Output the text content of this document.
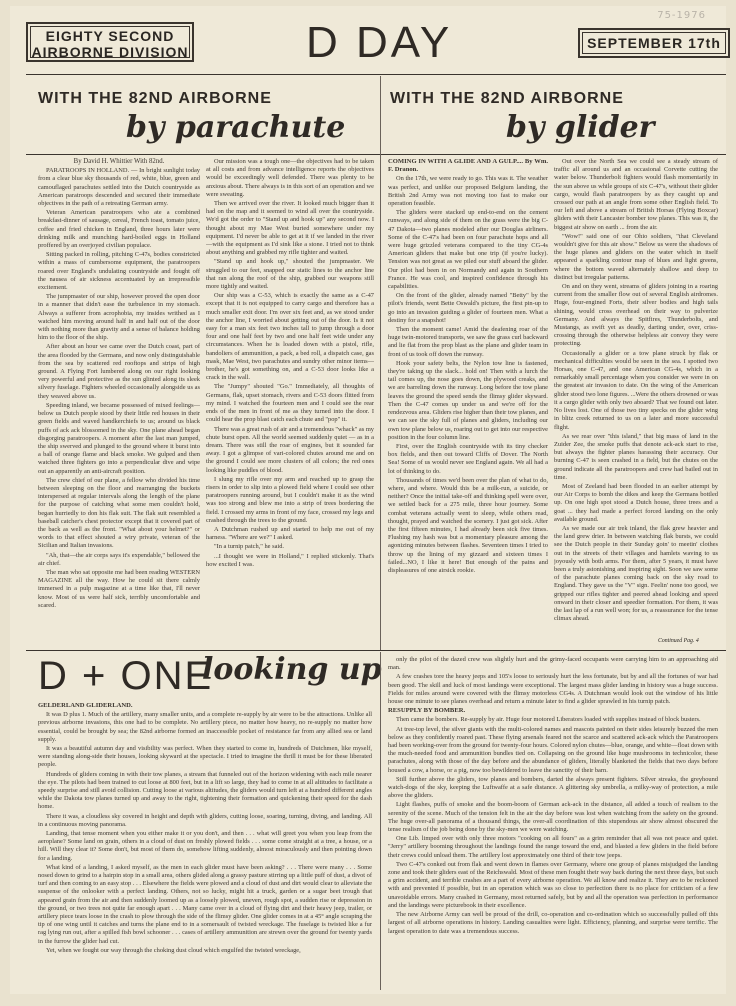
75-1976
EIGHTY SECOND
AIRBORNE DIVISION	D DAY	SEPTEMBER 17th
WITH THE 82ND AIRBORNE
by parachute
WITH THE 82ND AIRBORNE
by glider

By David H. Whittier With 82nd.

PARATROOPS IN HOLLAND. — In bright sunlight today from a clear blue sky thousands of red, white, blue, green and camouflaged parachutes settled into the Dutch countryside as American paratroops descended and secured their immediate objectives in the path of a retreating German army.

Veteran American paratroopers who ate a combined breakfast-dinner of sausage, cereal, French toast, tomato juice, coffee and fried chicken in England, three hours later were drinking milk and munching hard-boiled eggs in Holland proffered by an overjoyed civilian populace.

Sitting packed in rolling, pitching C-47s, bodies constricted within a mass of cumbersome equipment, the paratroopers roared over England's undulating countryside and fought off the nausea of air sickness accentuated by an irrepressible excitement.

The jumpmaster of our ship, however proved the open door in a manner that didn't ease the turbulence in my stomach. Always a sufferer from acrophobia, my insides writhed as I watched him moving around half in and half out of the door with nothing more than gravity and a sense of balance holding him to the floor of the ship.

After about an hour we came over the Dutch coast, part of the area flooded by the Germans, and now only distinguishable from the sea by scattered red rooftops and strips of high ground. A Flying Fort lumbered along on our right looking very powerful and protective as the sun glinted along its sleek silvery fuselage. Fighters wheeled occasionally alongside us as they weaved above us.

Speeding inland, we became possessed of mixed feelings—below us Dutch people stood by their little red houses in their green fields and waved handkerchiefs to us; around us black puffs of ack ack blossomed in the sky. One plane ahead began disgorging paratroopers. A moment after the last man jumped, the ship swerved and plunged to the ground where it burst into a ball of orange flame and black smoke. We gulped and then watched three fighters go into a perpendicular dive and wipe out an apparently an anti-aircraft position.

The crew chief of our plane, a fellow who divided his time between sleeping on the floor and rearranging the buckets interspersed at regular intervals along the length of the plane for the purpose of catching what some men couldn't hold, began hurriedly to don his flak suit. The flak suit resembled a baseball catcher's chest protector except that it covered part of the back as well as the front. "What about your helmet?" or words to that effect shouted a wiry private, veteran of the Sicilian and Italian invasions.

"Ah, that—the air corps says it's expendable," bellowed the air chief.

The man who sat opposite me had been reading WESTERN MAGAZINE all the way. How he could sit there calmly immersed in a pulp magazine at a time like that, I'll never know. Most of us were half sick, terribly uncomfortable and scared.

Our mission was a tough one—the objectives had to be taken at all costs and from advance intelligence reports the objectives would be exceedingly well defended. There was plenty to be anxious about. There always is in this sort of an operation and we were sweating.

Then we arrived over the river. It looked much bigger than it had on the map and it seemed to wind all over the countryside. We'd got the order to "Stand up and hook up" any second now. I thought about my Mae West buried somewhere under my equipment. I'd never be able to get at it if we landed in the river—with the equipment as I'd sink like a stone. I tried not to think about anything and grabbed my rifle tighter and waited.

"Stand up and hook up," shouted the jumpmaster. We struggled to our feet, snapped our static lines to the anchor line that ran along the roof of the ship, grabbed our weapons still more tightly and waited.

Our ship was a C-53, which is exactly the same as a C-47 except that it is not equipped to carry cargo and therefore has a much smaller exit door. I'm over six feet and, as we stood under the anchor line, I worried about getting out of the door. Is it not easy for a man six feet two inches tall to jump through a door four and one half feet by two and one half feet wide under any circumstances. When he is loaded down with a pistol, rifle, bandoliers of ammunition, a pack, a bed roll, a dispatch case, gas mask, Mae West, two parachutes and sundry other minor items—brother, he's got something on, and a C-53 door looks like a crack in the wall.

The "Jumpy" shouted "Go." Immediately, all thoughts of Germans, flak, upset stomach, rivers and C-53 doors flitted from my mind. I watched the fourteen men and I could see the rear ends of the men in front of me as they turned into the door. I could hear the prop blast catch each chute and "pop" it.

There was a great rush of air and a tremendous "whack" as my chute burst open. All the world seemed suddenly quiet — as in a dream. There was still the roar of engines, but it sounded far away. I got a glimpse of vari-colored chutes around me and on the ground I could see more clusters of all colors; the red ones looking like puddles of blood.

I slung my rifle over my arm and reached up to grasp the risers in order to slip into a plowed field where I could see other paratroopers running around, but I couldn't make it as the wind was too strong and blew me into a strip of trees bordering the field. I crossed my arms in front of my face, crossed my legs and crashed through the trees to the ground.

A Dutchman rushed up and started to help me out of my harness. "Where are we?" I asked.

"In a turnip patch," he said.

...I thought we were in Holland," I replied stickenly. That's how excited I was.

COMING IN WITH A GLIDE AND A GULP.... By Wm. F. Dranon.

On the 17th, we were ready to go. This was it. The weather was perfect, and unlike our proposed Belgium landing, the British 2nd Army was not moving too fast to make our operation feasible.

The gliders were stacked up end-to-end on the cement runways, and along side of them on the grass were the big C-47 Dakota—two planes modeled after our Douglas airliners. Some of the C-47's had been on four parachute hops and all were huge grizzled veterans compared to the tiny CG-4s American gliders that make but one trip (if you're lucky). Tension was not great as we piled our stuff aboard the glider. Our pilot had been in on Normandy and again in Southern France. He was cool, and inspired confidence through his capabilities.

On the front of the glider, already named "Betty" by the pilot's friends, went Bette Oswald's picture, the first pin-up to go into an invasion guiding a glider of fourteen men. What a destiny for a snapshot!

Then the moment came! Amid the deafening roar of the huge twin-motored transports, we saw the grass curl backward and lie flat from the prop blast as the plane and glider team in front of us took off down the runway.

Hook your safety belts, the Nylon tow line is fastened, they're taking up the slack... hold on! Then with a lurch the tail comes up, the nose goes down, the plywood creaks, and we are barreling down the runway. Long before the tow plane leaves the ground the speed sends the flimsy glider skyward. Then the C-47 comes up under us and we're off for the rendezvous area. Gliders rise higher than their tow planes, and we can see the sky full of planes and gliders, including our own tow plane below us, roaring out to get into our respective position in the four column line.

First, over the English countryside with its tiny checker box fields, and then out toward Cliffs of Dover. The North Sea! Some of us would never see England again. We all had a lot of thinking to do.

Thousands of times we'd been over the plan of what to do, where, and where. Would this be a milk-run, a suicide, or neither? Once the initial take-off and thinking spell were over, we settled back for a 275 mile, three hour journey. Some combat veterans actually went to sleep, while others read, thought, prayed and watched the scenery. I just got sick. After the first fifteen minutes, I had already been sick five times. Flushing my hash was but a momentary pleasure among the agonizing minutes between flashes. Seventeen times I tried to throw up the lining of my gizzard and sixteen times I failed...NO, I like it here! But enough of the pains and displeasures of one airsick rookie.

Out over the North Sea we could see a steady stream of traffic all around us and an occasional Corvette cutting the water below. Thunderbolt fighters would flash momentarily in the sun above us while groups of six C-47's, without their glider cargo, would flash paratroopers by as they caught up and crossed our path at an angle from some other English field. To our left and above a stream of British Horsas (Flying Boxcar) gliders with their Lancaster bomber tow planes. This was it, the biggest air show on earth ... from the air.

"Wow!" said one of our Ohio soldiers, "that Cleveland wouldn't give for this air show." Below us were the shadows of the huge planes and gliders on the water which in itself appeared a sparkling contour map of blues and light greens, where the bottom waved alternately shallow and deep to distinct but irregular patterns.

On and on they went, streams of gliders joining in a roaring current from the smaller flow out of several English airdromes. Huge, four-engined Forts, their silver bodies and high tails shining, would cross overhead on their way to pulverize Germany. And always the Spitfires, Thunderbolts, and Mustangs, as swift yet as deadly, darting under, over, criss-crossing through the otherwise helpless air convoy they were protecting.

Occasionally a glider or a tow plane struck by flak or mechanical difficulties would be seen in the sea. I spotted two Horsas, one C-47, and one American CG-4s, which in a remarkably small percentage when you consider we were in on the greatest air invasion to date. On the wing of the American glider stood two lone figures. ...Were the others drowned or was it a cargo glider with only two aboard? That we found out later. No lives lost. One of those two tiny specks on the glider wing in blitz creek returned to us on a later and more successful flight.

As we rear over "this island," that big mass of land in the Zuider Zee, the smoke puffs that denote ack-ack start to rise, but always the fighter planes harassing their accuracy. Our burning C-47 is seen crashed in a field, but the chutes on the ground indicate all the paratroopers and crew had bailed out in time.

Most of Zeeland had been flooded in an earlier attempt by our Air Corps to bomb the dikes and keep the Germans bottled up. On one high spot stood a Dutch house, three trees and a goat ... they had made a perfect forced landing on the only available ground.

As we made our air trek inland, the flak grew heavier and the land grew drier. In between watching flak bursts, we could see the Dutch people in their Sunday goin' to meetin' clothes out in the streets of their villages and hamlets waving to us joyously with both arms. For them, after 5 years, it must have been a truly astonishing and inspiring sight. Soon we saw some of the parachute planes coming back on the sky road to England. They gave us the "V" sign. Feelin' none too good, we gripped our rifles tighter and peered ahead looking and speed onward in their closer and speedier formation. For them, it was the last lap of a run well won; for us, a reassurance for the tense climax ahead.

Continued Pag. 4
D + ONE
looking up

GELDERLAND GLIDERLAND.

It was D plus 1. Much of the artillery, many smaller units, and a complete re-supply by air were to be the attractions. Unlike all previous airborne invasions, this one had to be complete. No artillery piece, no matter how heavy, no re-supply no matter how essential, could be brought by sea; the 82nd airborne formed an inaccessible pocket of resistance far from any allied sea or land supply.

It was a beautiful autumn day and visibility was perfect. When they started to come in, hundreds of Dutchmen, like myself, were standing along-side their houses, looking skyward at the spectacle. I tried to imagine the thrill it must be for these liberated people.

Hundreds of gliders coming in with their tow planes, a stream that funneled out of the horizon widening with each mile nearer the eye. The pilots had been trained to cut loose at 800 feet, but in a lift so large, they had to come in at all altitudes to facilitate a speedy surprise and still avoid collision. Cutting loose at various altitudes, the gliders would turn left at a hundred different angles while the Dakota tow planes turned up and away to the right, tightening their formation and quickening their speed for the dash home.

There it was, a cloudless sky covered in height and depth with gliders, cutting loose, soaring, turning, diving, and landing. All in a continuous moving panorama.

Landing, that tense moment when you either make it or you don't, and then . . . what will greet you when you leap from the aeroplane? Some land on grain, others in a cloud of dust on freshly plowed fields . . . some come straight at a tree, a house, or a hill. Will they clear it? Some don't, but most of them do, somehow lifting suddenly, almost miraculously and then pointing down for a landing.

What kind of a landing, I asked myself, as the men in each glider must have been asking? . . . There were many . . . Some nosed down to grind to a hairpin stop in a small area, others glided along a grassy pasture stirring up a little puff of dust, a divot of turf and then coming to an easy stop . . . Elsewhere the fields were plowed and a cloud of dust and dirt would clear to alleviate the suspense of the onlooker with a perfect landing. Others, not so lucky, might hit a truck, garden or a sugar beet trough that appeared grain from the air and then suddenly loomed up as a loosely plowed, uneven, rough spot, a sudden rise or depression in the ground, or two trees not quite far enough apart . . . Many came over in a cloud of flying dirt and their heavy jeep, trailer, or artillery piece tears loose in the crash to plow through the side of the flimsy glider. One glider comes in at a 45° angle scraping the tip of one wing until it catches and turns the plane end to in a somersault of twisted wreckage. The fuselage is twisted like a fur rag lying run out, after a spilled fish bowl schooner . . . cases of artillery ammunition are strewn over the ground for twenty yards in the furrow the glider had cut.

Yet, when we fought our way through the choking dust cloud which engulfed the twisted wreckage,

only the pilot of the dazed crew was slightly hurt and the grimy-faced occupants were carrying him to an approaching aid man.

A few crashes tore the heavy jeeps and 105's loose to seriously hurt the less fortunate, but by and all the fortunes of war had been good. The skill and luck of most landings were exceptional. The largest mass glider landing in history was a huge success. Fields for miles around were covered with the flimsy motorless CG4s. A Dutchman would look out the window of his little house one minute to see planes overhead and return a minute later to find a glider sprawled in his turnip patch.

RESUPPLY BY BOMBER.

Then came the bombers. Re-supply by air. Huge four motored Liberators loaded with supplies instead of block busters.

At tree-top level, the silver giants with the multi-colored names and mascots painted on their sides leisurely buzzed the men below as they confidently roared past. These flying arsenals feared not the scarce and scattered ack-ack which the Paratroopers had been working-over from the ground for twenty-four hours. Colored nylon chutes—blue, orange, and white—float down with the much-needed food and ammunition bundles tied on. Collapsing on the ground like huge mushrooms in technicolor, these parachutes, along with those of the day before and the abundance of gliders, literally blanketed the fields that two days before housed a cow, a horse, or a pig, now too bewildered to leave the sanctity of their barn.

Still further above the gliders, tow planes and bombers, darted the always present fighters. Silver streaks, the greyhound watch-dogs of the sky, keeping the Luftwaffe at a safe distance. A glittering sky umbrella, a milky-way of protection, a mile above the gliders.

Light flashes, puffs of smoke and the boom-boom of German ack-ack in the distance, all added a touch of realism to the serenity of the scene. Much of the tension felt in the air the day before was lost when watching from the safety on the ground. The huge over-all panorama of a thousand things, the over-all coordination of this stupendous air show almost obscured the tense realism of the job being done by the sky-men we were watching.

One Lib. limped over with only three motors "cooking on all fours" as a grim reminder that all was not peace and quiet. "Jerry" artillery booming throughout the landings found the range toward the end, and blasted a few gliders in the field before their crews could unload them. The artillery lost approximately one third of their tow jeeps.

Two C-47's conked out from flak and went down in flames over Germany, where one group of planes misjudged the landing zone and took their gliders east of the Reichswald. Most of these men fought their way back during the next three days, but such a grim accident, and terrible crashes are a part of every airborne operation. We all know and realize it. They are to be reckoned with and prevented if possible, but in an operation which was so close to perfection there is no place for criticism of a few unavoidable errors. Many crashed in Germany, most returned safely, but by and all the operation was perfection in performance and the landings were picturebook in their excellence.

The new Airborne Army can well be proud of the drill, co-operation and co-ordination which so successfully pulled off this largest of all airborne operations in history. Landing casualties were light. Efficiency, planning, and surprise were terrific. The largest operation to date was a tremendous success.
